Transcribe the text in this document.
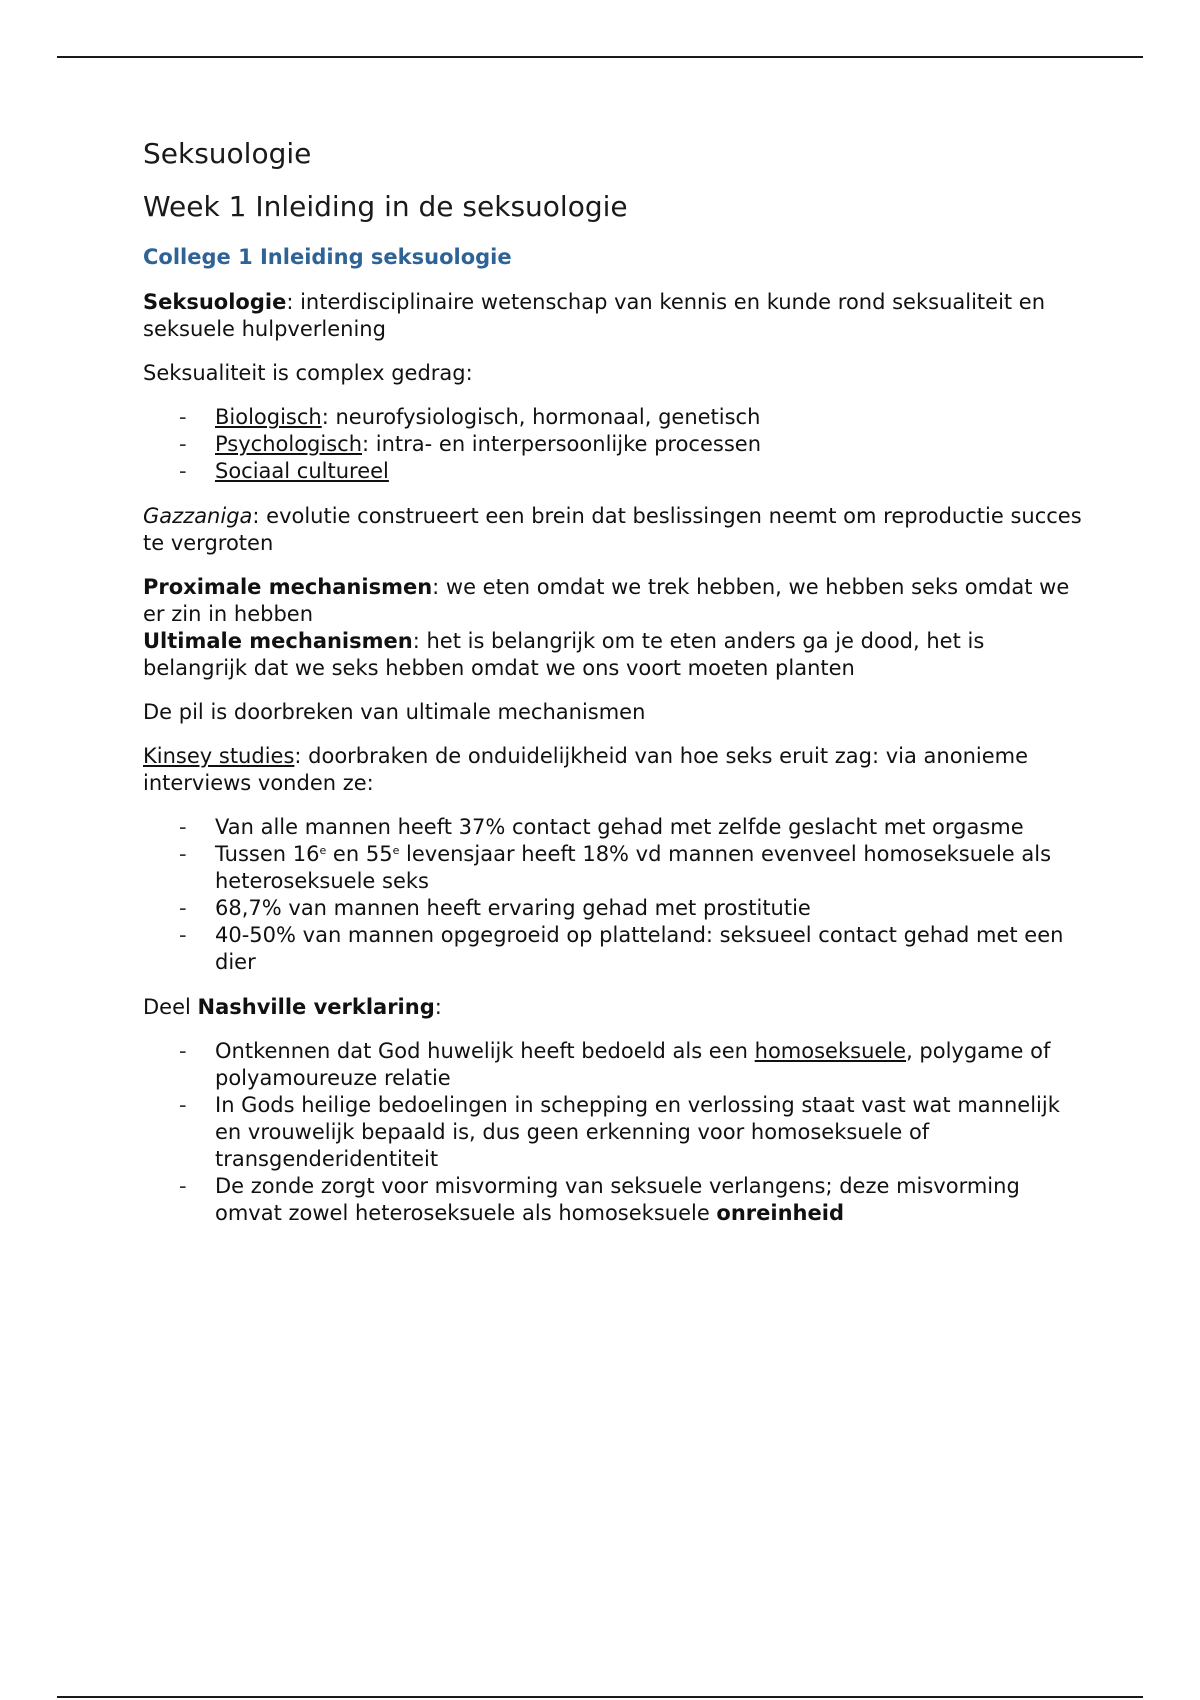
Seksuologie
Week 1 Inleiding in de seksuologie
College 1 Inleiding seksuologie

Seksuologie: interdisciplinaire wetenschap van kennis en kunde rond seksualiteit en seksuele hulpverlening

Seksualiteit is complex gedrag:

- Biologisch: neurofysiologisch, hormonaal, genetisch
- Psychologisch: intra- en interpersoonlijke processen
- Sociaal cultureel

Gazzaniga: evolutie construeert een brein dat beslissingen neemt om reproductie succes te vergroten

Proximale mechanismen: we eten omdat we trek hebben, we hebben seks omdat we er zin in hebben

Ultimale mechanismen: het is belangrijk om te eten anders ga je dood, het is belangrijk dat we seks hebben omdat we ons voort moeten planten

De pil is doorbreken van ultimale mechanismen

Kinsey studies: doorbraken de onduidelijkheid van hoe seks eruit zag: via anonieme interviews vonden ze:

- Van alle mannen heeft 37% contact gehad met zelfde geslacht met orgasme
- Tussen 16e en 55e levensjaar heeft 18% vd mannen evenveel homoseksuele als heteroseksuele seks
- 68,7% van mannen heeft ervaring gehad met prostitutie
- 40-50% van mannen opgegroeid op platteland: seksueel contact gehad met een dier

Deel Nashville verklaring:

- Ontkennen dat God huwelijk heeft bedoeld als een homoseksuele, polygame of polyamoureuze relatie
- In Gods heilige bedoelingen in schepping en verlossing staat vast wat mannelijk en vrouwelijk bepaald is, dus geen erkenning voor homoseksuele of transgenderidentiteit
- De zonde zorgt voor misvorming van seksuele verlangens; deze misvorming omvat zowel heteroseksuele als homoseksuele onreinheid
